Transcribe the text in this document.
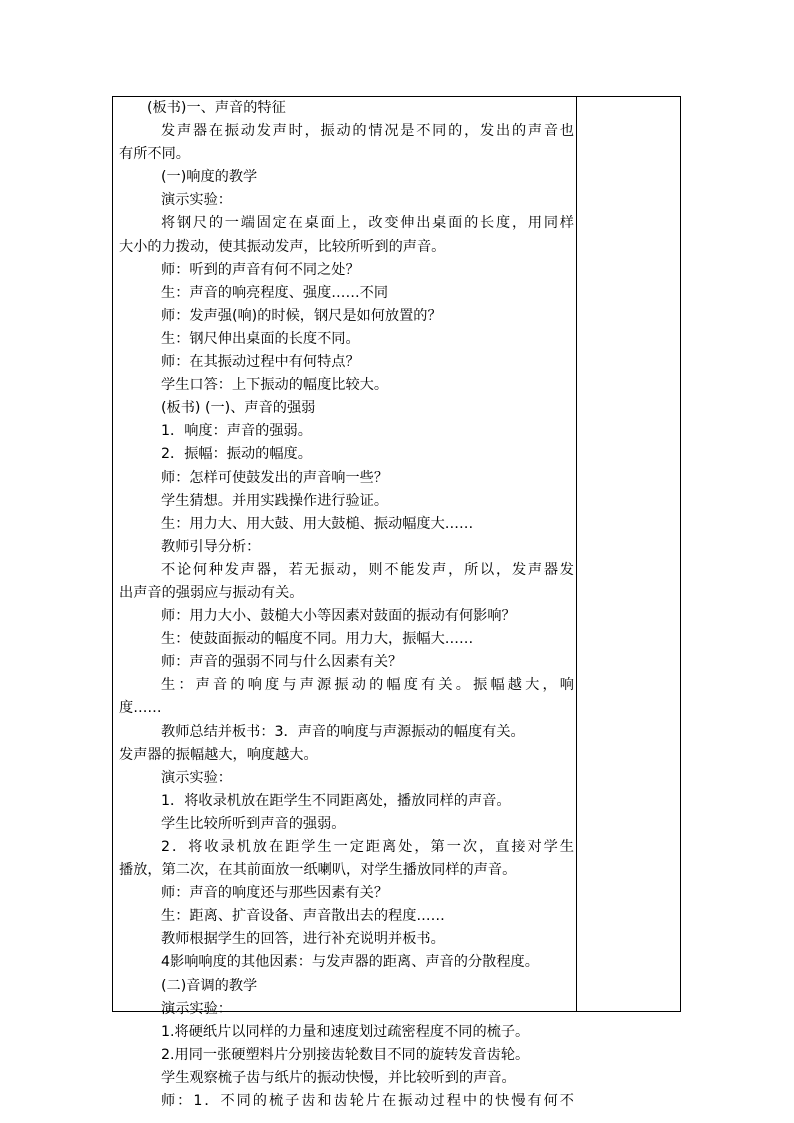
(板书)一、声音的特征
发声器在振动发声时，振动的情况是不同的，发出的声音也
有所不同。
(一)响度的教学
演示实验：
将钢尺的一端固定在桌面上，改变伸出桌面的长度，用同样
大小的力拨动，使其振动发声，比较所听到的声音。
师：听到的声音有何不同之处？
生：声音的响亮程度、强度……不同
师：发声强(响)的时候，钢尺是如何放置的？
生：钢尺伸出桌面的长度不同。
师：在其振动过程中有何特点？
学生口答：上下振动的幅度比较大。
(板书) (一)、声音的强弱
1．响度：声音的强弱。
2．振幅：振动的幅度。
师：怎样可使鼓发出的声音响一些？
学生猜想。并用实践操作进行验证。
生：用力大、用大鼓、用大鼓槌、振动幅度大……
教师引导分析：
不论何种发声器，若无振动，则不能发声，所以，发声器发
出声音的强弱应与振动有关。
师：用力大小、鼓槌大小等因素对鼓面的振动有何影响？
生：使鼓面振动的幅度不同。用力大，振幅大……
师：声音的强弱不同与什么因素有关？
生：声音的响度与声源振动的幅度有关。振幅越大，响
度……
教师总结并板书：3．声音的响度与声源振动的幅度有关。
发声器的振幅越大，响度越大。
演示实验：
1．将收录机放在距学生不同距离处，播放同样的声音。
学生比较所听到声音的强弱。
2．将收录机放在距学生一定距离处，第一次，直接对学生
播放，第二次，在其前面放一纸喇叭，对学生播放同样的声音。
师：声音的响度还与那些因素有关？
生：距离、扩音设备、声音散出去的程度……
教师根据学生的回答，进行补充说明并板书。
4影响响度的其他因素：与发声器的距离、声音的分散程度。
(二)音调的教学
演示实验：
1.将硬纸片以同样的力量和速度划过疏密程度不同的梳子。
2.用同一张硬塑料片分别接齿轮数目不同的旋转发音齿轮。
学生观察梳子齿与纸片的振动快慢，并比较听到的声音。
师：1．不同的梳子齿和齿轮片在振动过程中的快慢有何不
